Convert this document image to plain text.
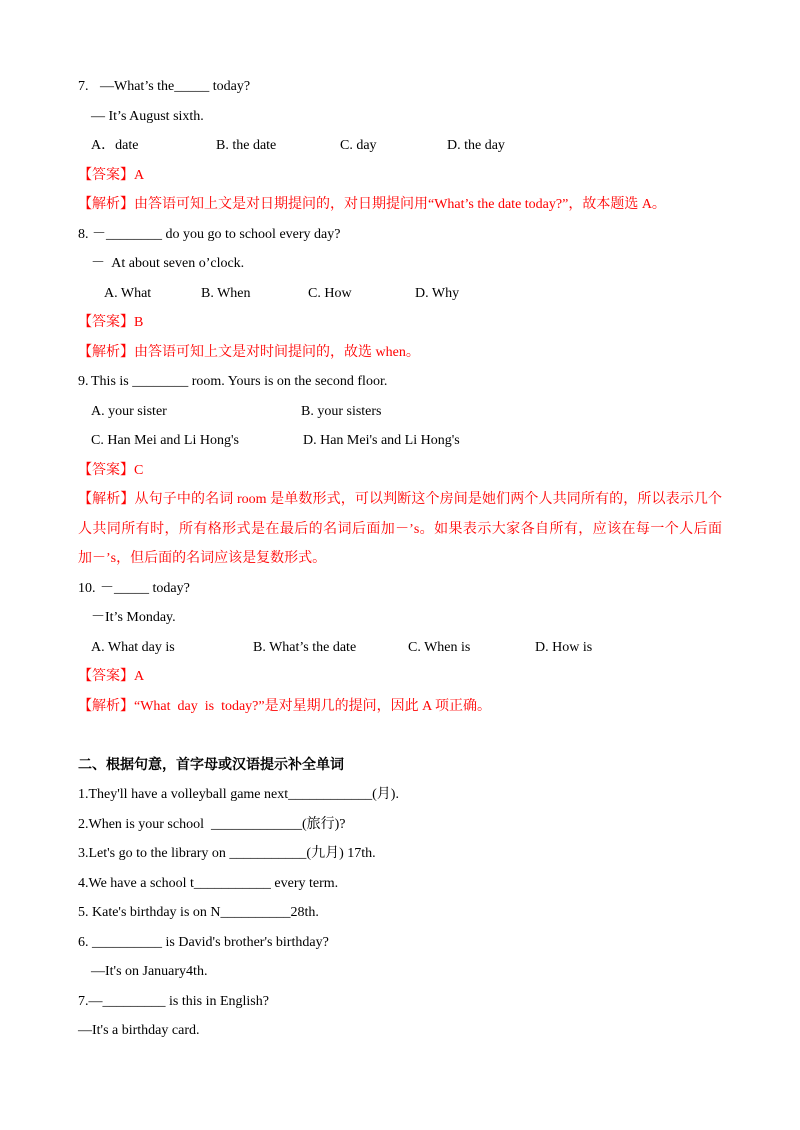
7.

—What’s the_____ today?

— It’s August sixth.

A．date

	B. the date

	C. day

	D. the day

【答案】A

【解析】由答语可知上文是对日期提问的，对日期提问用“What’s the date today?”，故本题选 A。

8.

－________ do you go to school every day?

－  At about seven o’clock.

A. What

	B. When

	C. How

	D. Why

【答案】B

【解析】由答语可知上文是对时间提问的，故选 when。

9.

This is ________ room. Yours is on the second floor.

A. your sister

	B. your sisters

C. Han Mei and Li Hong's

	D. Han Mei's and Li Hong's

【答案】C

【解析】从句子中的名词 room 是单数形式，可以判断这个房间是她们两个人共同所有的，所以表示几个

人共同所有时，所有格形式是在最后的名词后面加－’s。如果表示大家各自所有，应该在每一个人后面

加－’s，但后面的名词应该是复数形式。

10.

－_____ today?

－It’s Monday.

A. What day is

	B. What’s the date

	C. When is

	D. How is

【答案】A

【解析】“What  day  is  today?”是对星期几的提问，因此 A 项正确。

二、根据句意，首字母或汉语提示补全单词

1.They'll have a volleyball game next____________(月).

2.When is your school  _____________(旅行)?

3.Let's go to the library on ___________(九月) 17th.

4.We have a school t___________ every term.

5. Kate's birthday is on N__________28th.

6. __________ is David's brother's birthday?

—It's on January4th.

7.—_________ is this in English?

—It's a birthday card.
